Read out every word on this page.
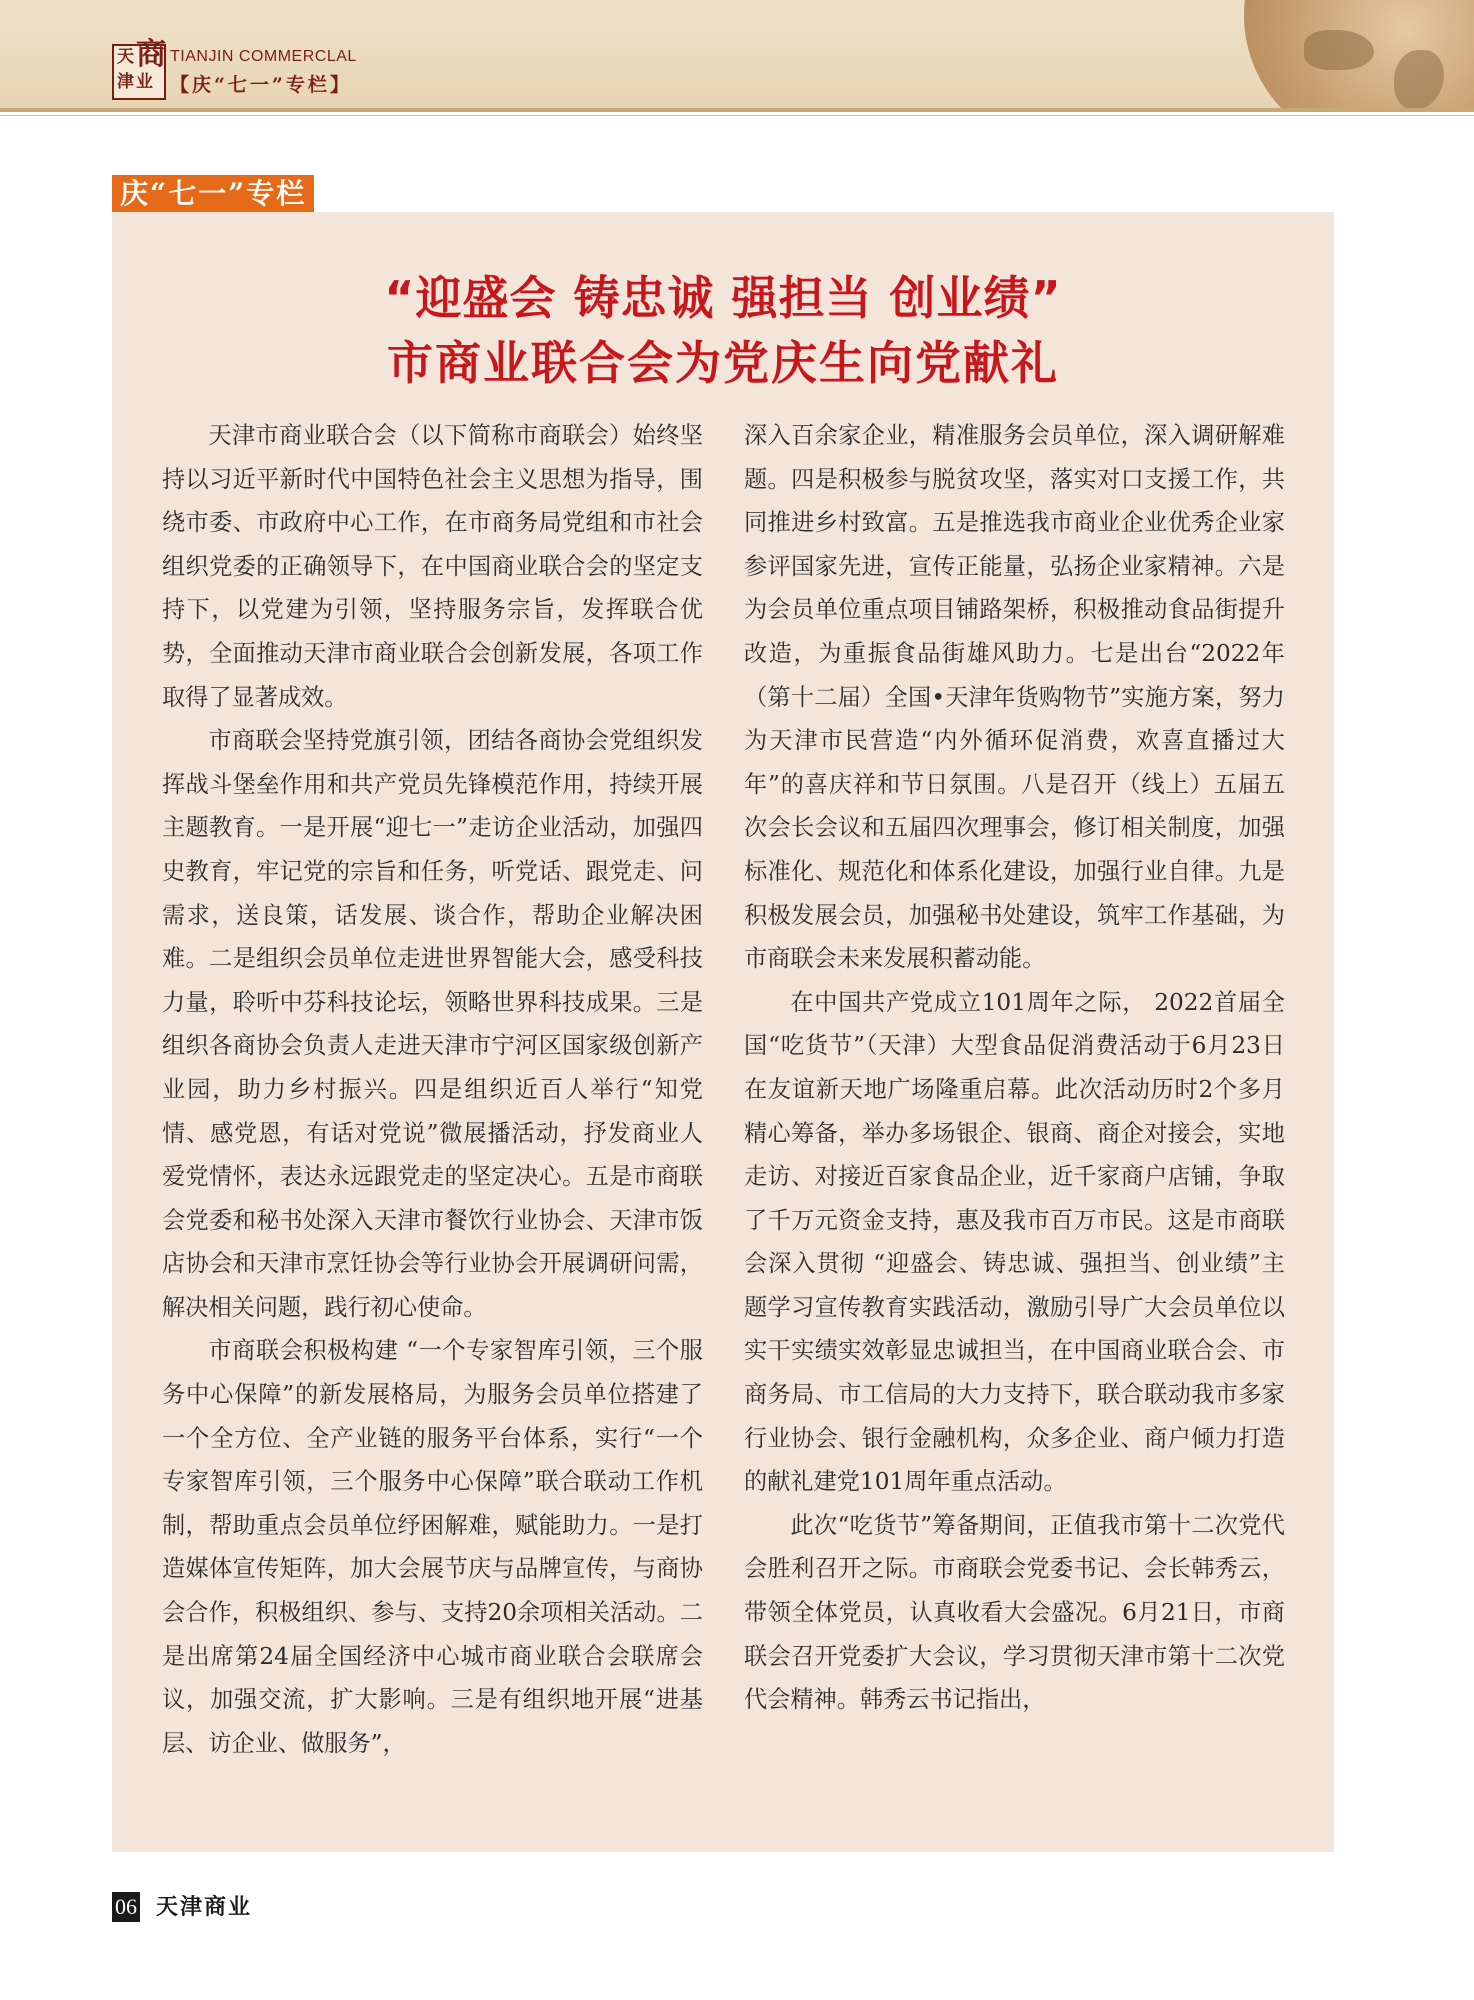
天 商
津 业
TIANJIN COMMERCLAL
【庆“七一”专栏】
庆“七一”专栏
“迎盛会 铸忠诚 强担当 创业绩”
市商业联合会为党庆生向党献礼

天津市商业联合会（以下简称市商联会）始终坚持以习近平新时代中国特色社会主义思想为指导，围绕市委、市政府中心工作，在市商务局党组和市社会组织党委的正确领导下，在中国商业联合会的坚定支持下，以党建为引领，坚持服务宗旨，发挥联合优势，全面推动天津市商业联合会创新发展，各项工作取得了显著成效。

市商联会坚持党旗引领，团结各商协会党组织发挥战斗堡垒作用和共产党员先锋模范作用，持续开展主题教育。一是开展“迎七一”走访企业活动，加强四史教育，牢记党的宗旨和任务，听党话、跟党走、问需求，送良策，话发展、谈合作，帮助企业解决困难。二是组织会员单位走进世界智能大会，感受科技力量，聆听中芬科技论坛，领略世界科技成果。三是组织各商协会负责人走进天津市宁河区国家级创新产业园，助力乡村振兴。四是组织近百人举行“知党情、感党恩，有话对党说”微展播活动，抒发商业人爱党情怀，表达永远跟党走的坚定决心。五是市商联会党委和秘书处深入天津市餐饮行业协会、天津市饭店协会和天津市烹饪协会等行业协会开展调研问需，解决相关问题，践行初心使命。

市商联会积极构建 “一个专家智库引领，三个服务中心保障”的新发展格局，为服务会员单位搭建了一个全方位、全产业链的服务平台体系，实行“一个专家智库引领，三个服务中心保障”联合联动工作机制，帮助重点会员单位纾困解难，赋能助力。一是打造媒体宣传矩阵，加大会展节庆与品牌宣传，与商协会合作，积极组织、参与、支持20余项相关活动。二是出席第24届全国经济中心城市商业联合会联席会议，加强交流，扩大影响。三是有组织地开展“进基层、访企业、做服务”，

深入百余家企业，精准服务会员单位，深入调研解难题。四是积极参与脱贫攻坚，落实对口支援工作，共同推进乡村致富。五是推选我市商业企业优秀企业家参评国家先进，宣传正能量，弘扬企业家精神。六是为会员单位重点项目铺路架桥，积极推动食品街提升改造，为重振食品街雄风助力。七是出台“2022年（第十二届）全国•天津年货购物节”实施方案，努力为天津市民营造“内外循环促消费，欢喜直播过大年”的喜庆祥和节日氛围。八是召开（线上）五届五次会长会议和五届四次理事会，修订相关制度，加强标准化、规范化和体系化建设，加强行业自律。九是积极发展会员，加强秘书处建设，筑牢工作基础，为市商联会未来发展积蓄动能。

在中国共产党成立101周年之际， 2022首届全国“吃货节”（天津）大型食品促消费活动于6月23日在友谊新天地广场隆重启幕。此次活动历时2个多月精心筹备，举办多场银企、银商、商企对接会，实地走访、对接近百家食品企业，近千家商户店铺，争取了千万元资金支持，惠及我市百万市民。这是市商联会深入贯彻 “迎盛会、铸忠诚、强担当、创业绩”主题学习宣传教育实践活动，激励引导广大会员单位以实干实绩实效彰显忠诚担当，在中国商业联合会、市商务局、市工信局的大力支持下，联合联动我市多家行业协会、银行金融机构，众多企业、商户倾力打造的献礼建党101周年重点活动。

此次“吃货节”筹备期间，正值我市第十二次党代会胜利召开之际。市商联会党委书记、会长韩秀云，带领全体党员，认真收看大会盛况。6月21日，市商联会召开党委扩大会议，学习贯彻天津市第十二次党代会精神。韩秀云书记指出，

06 天津商业
